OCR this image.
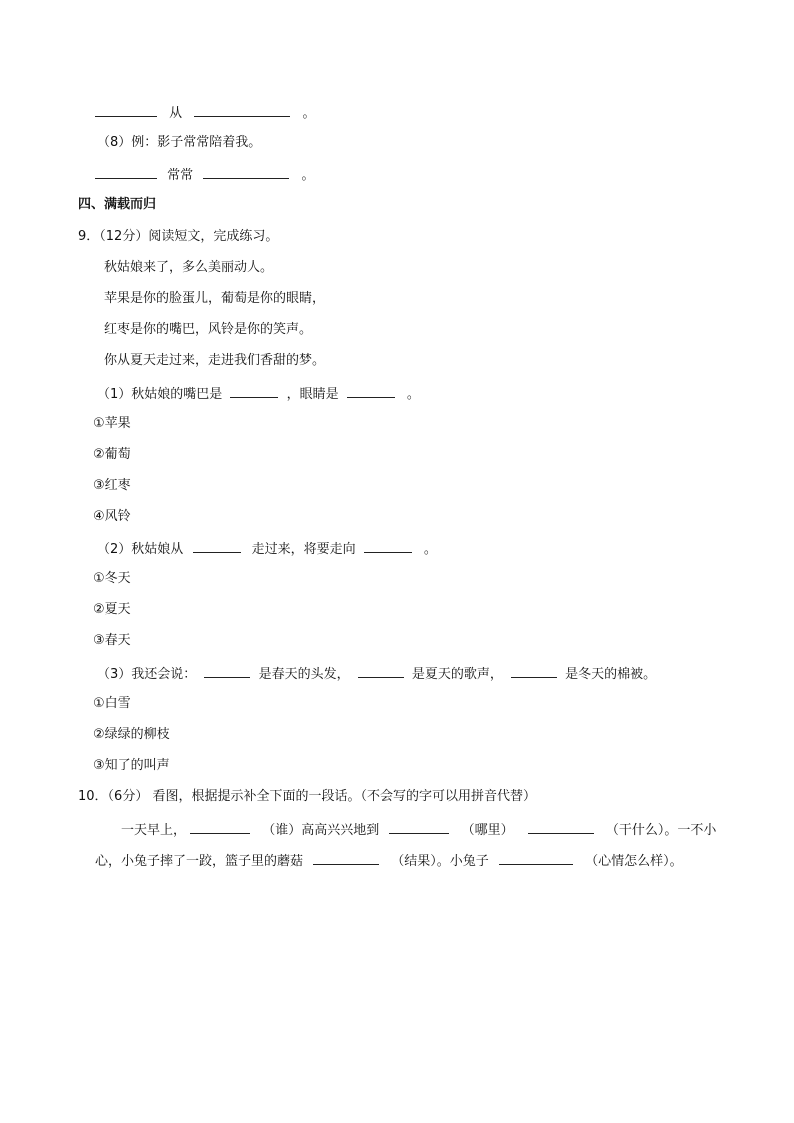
从	。
（8）例：影子常常陪着我。
常常	。
四、满载而归
9．（12分）阅读短文，完成练习。
秋姑娘来了，多么美丽动人。
苹果是你的脸蛋儿，葡萄是你的眼睛，
红枣是你的嘴巴，风铃是你的笑声。
你从夏天走过来，走进我们香甜的梦。
（1）秋姑娘的嘴巴是	，眼睛是	。
①苹果
②葡萄
③红枣
④风铃
（2）秋姑娘从	走过来，将要走向	。
①冬天
②夏天
③春天
（3）我还会说：	是春天的头发，	是夏天的歌声，	是冬天的棉被。
①白雪
②绿绿的柳枝
③知了的叫声
10．（6分） 看图，根据提示补全下面的一段话。（不会写的字可以用拼音代替）
一天早上，	（谁）高高兴兴地到	（哪里）	（干什么）。一不小
心，小兔子摔了一跤，篮子里的蘑菇	（结果）。小兔子	（心情怎么样）。
